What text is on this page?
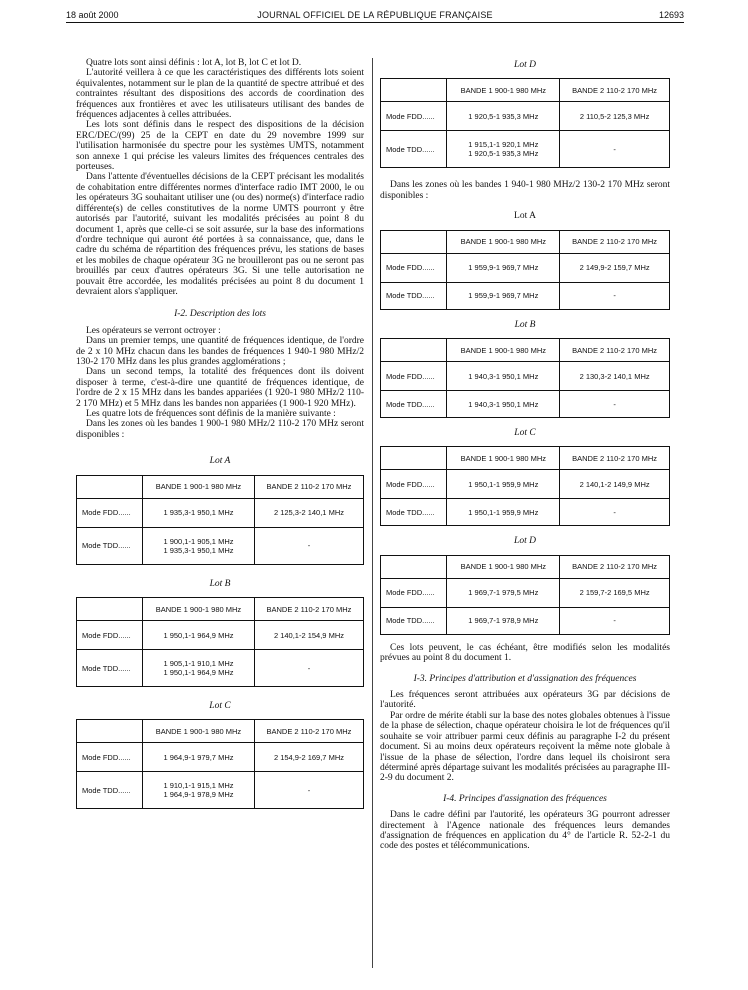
18 août 2000	JOURNAL OFFICIEL DE LA RÉPUBLIQUE FRANÇAISE	12693

Quatre lots sont ainsi définis : lot A, lot B, lot C et lot D.

L'autorité veillera à ce que les caractéristiques des différents lots soient équivalentes, notamment sur le plan de la quantité de spectre attribué et des contraintes résultant des dispositions des accords de coordination des fréquences aux frontières et avec les utilisateurs utilisant des bandes de fréquences adjacentes à celles attribuées.

Les lots sont définis dans le respect des dispositions de la décision ERC/DEC/(99) 25 de la CEPT en date du 29 novembre 1999 sur l'utilisation harmonisée du spectre pour les systèmes UMTS, notamment son annexe 1 qui précise les valeurs limites des fréquences centrales des porteuses.

Dans l'attente d'éventuelles décisions de la CEPT précisant les modalités de cohabitation entre différentes normes d'interface radio IMT 2000, le ou les opérateurs 3G souhaitant utiliser une (ou des) norme(s) d'interface radio différente(s) de celles constitutives de la norme UMTS pourront y être autorisés par l'autorité, suivant les modalités précisées au point 8 du document 1, après que celle-ci se soit assurée, sur la base des informations d'ordre technique qui auront été portées à sa connaissance, que, dans le cadre du schéma de répartition des fréquences prévu, les stations de bases et les mobiles de chaque opérateur 3G ne brouilleront pas ou ne seront pas brouillés par ceux d'autres opérateurs 3G. Si une telle autorisation ne pouvait être accordée, les modalités précisées au point 8 du document 1 devraient alors s'appliquer.

I-2. Description des lots

Les opérateurs se verront octroyer :

Dans un premier temps, une quantité de fréquences identique, de l'ordre de 2 x 10 MHz chacun dans les bandes de fréquences 1 940-1 980 MHz/2 130-2 170 MHz dans les plus grandes agglomérations ;

Dans un second temps, la totalité des fréquences dont ils doivent disposer à terme, c'est-à-dire une quantité de fréquences identique, de l'ordre de 2 x 15 MHz dans les bandes appariées (1 920-1 980 MHz/2 110-2 170 MHz) et 5 MHz dans les bandes non appariées (1 900-1 920 MHz).

Les quatre lots de fréquences sont définis de la manière suivante :

Dans les zones où les bandes 1 900-1 980 MHz/2 110-2 170 MHz seront disponibles :

Lot A

	BANDE 1 900-1 980 MHz	BANDE 2 110-2 170 MHz
Mode FDD......	1 935,3-1 950,1 MHz	2 125,3-2 140,1 MHz
Mode TDD......	1 900,1-1 905,1 MHz
1 935,3-1 950,1 MHz	-

Lot B

	BANDE 1 900-1 980 MHz	BANDE 2 110-2 170 MHz
Mode FDD......	1 950,1-1 964,9 MHz	2 140,1-2 154,9 MHz
Mode TDD......	1 905,1-1 910,1 MHz
1 950,1-1 964,9 MHz	-

Lot C

	BANDE 1 900-1 980 MHz	BANDE 2 110-2 170 MHz
Mode FDD......	1 964,9-1 979,7 MHz	2 154,9-2 169,7 MHz
Mode TDD......	1 910,1-1 915,1 MHz
1 964,9-1 978,9 MHz	-

Lot D

	BANDE 1 900-1 980 MHz	BANDE 2 110-2 170 MHz
Mode FDD......	1 920,5-1 935,3 MHz	2 110,5-2 125,3 MHz
Mode TDD......	1 915,1-1 920,1 MHz
1 920,5-1 935,3 MHz	-

Dans les zones où les bandes 1 940-1 980 MHz/2 130-2 170 MHz seront disponibles :

Lot A

	BANDE 1 900-1 980 MHz	BANDE 2 110-2 170 MHz
Mode FDD......	1 959,9-1 969,7 MHz	2 149,9-2 159,7 MHz
Mode TDD......	1 959,9-1 969,7 MHz	-

Lot B

	BANDE 1 900-1 980 MHz	BANDE 2 110-2 170 MHz
Mode FDD......	1 940,3-1 950,1 MHz	2 130,3-2 140,1 MHz
Mode TDD......	1 940,3-1 950,1 MHz	-

Lot C

	BANDE 1 900-1 980 MHz	BANDE 2 110-2 170 MHz
Mode FDD......	1 950,1-1 959,9 MHz	2 140,1-2 149,9 MHz
Mode TDD......	1 950,1-1 959,9 MHz	-

Lot D

	BANDE 1 900-1 980 MHz	BANDE 2 110-2 170 MHz
Mode FDD......	1 969,7-1 979,5 MHz	2 159,7-2 169,5 MHz
Mode TDD......	1 969,7-1 978,9 MHz	-

Ces lots peuvent, le cas échéant, être modifiés selon les modalités prévues au point 8 du document 1.

I-3. Principes d'attribution et d'assignation des fréquences

Les fréquences seront attribuées aux opérateurs 3G par décisions de l'autorité.

Par ordre de mérite établi sur la base des notes globales obtenues à l'issue de la phase de sélection, chaque opérateur choisira le lot de fréquences qu'il souhaite se voir attribuer parmi ceux définis au paragraphe I-2 du présent document. Si au moins deux opérateurs reçoivent la même note globale à l'issue de la phase de sélection, l'ordre dans lequel ils choisiront sera déterminé après départage suivant les modalités précisées au paragraphe III-2-9 du document 2.

I-4. Principes d'assignation des fréquences

Dans le cadre défini par l'autorité, les opérateurs 3G pourront adresser directement à l'Agence nationale des fréquences leurs demandes d'assignation de fréquences en application du 4° de l'article R. 52-2-1 du code des postes et télécommunications.
